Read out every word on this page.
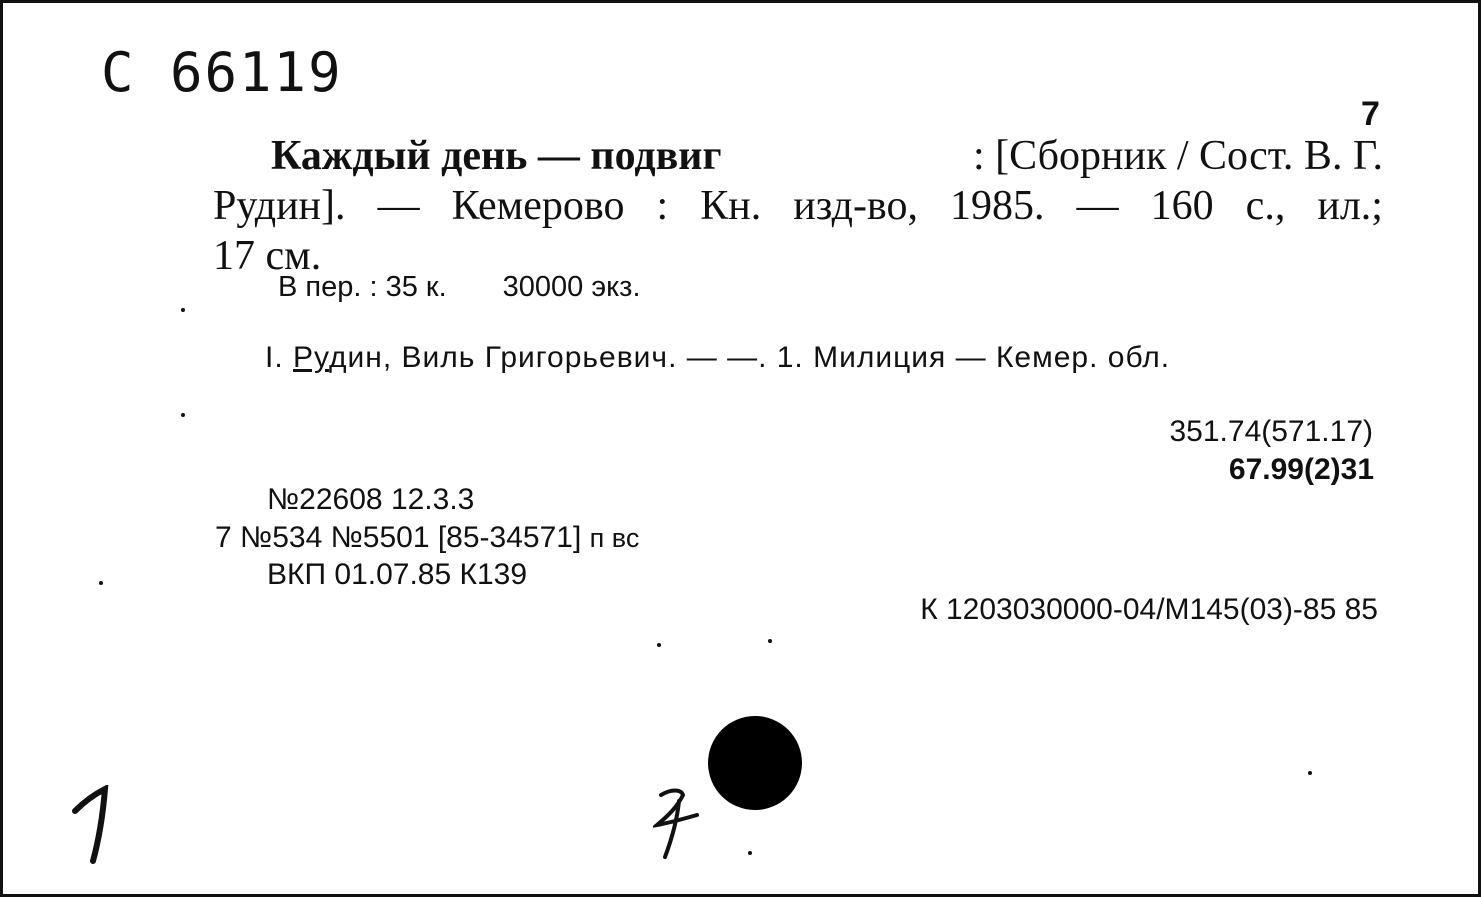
С 66119
7
Каждый день — подвиг	: [Сборник / Сост. В. Г.
Рудин]. — Кемерово : Кн. изд-во, 1985. — 160 с., ил.;
17 см.
В пер. : 35 к. 30000 экз.
I. Рудин, Виль Григорьевич. — —. 1. Милиция — Кемер. обл.
351.74(571.17)
67.99(2)31
№22608 12.3.3
7 №534 №5501 [85-34571] п вс
ВКП 01.07.85 К139
К 1203030000-04/М145(03)-85 85
